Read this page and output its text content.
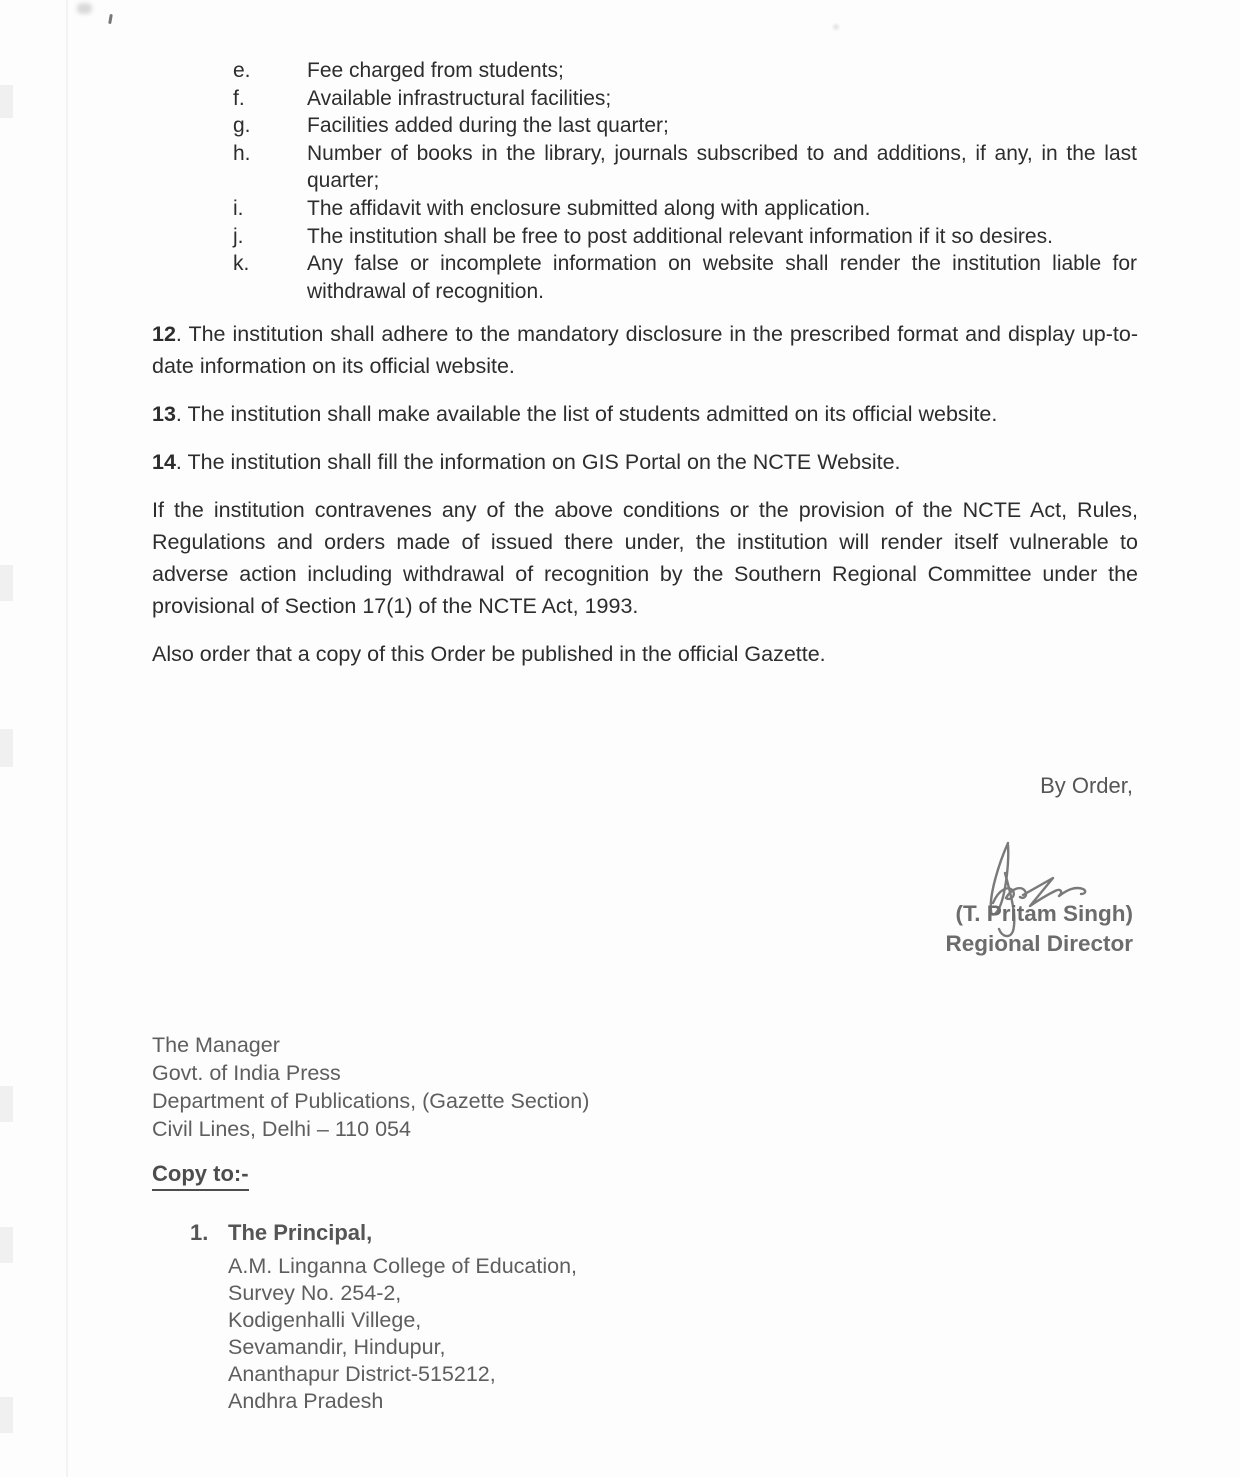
e.	Fee charged from students;
f.	Available infrastructural facilities;
g.	Facilities added during the last quarter;
h.	Number of books in the library, journals subscribed to and additions, if any, in the last quarter;
i.	The affidavit with enclosure submitted along with application.
j.	The institution shall be free to post additional relevant information if it so desires.
k.	Any false or incomplete information on website shall render the institution liable for withdrawal of recognition.

12. The institution shall adhere to the mandatory disclosure in the prescribed format and display up-to-date information on its official website.

13. The institution shall make available the list of students admitted on its official website.

14. The institution shall fill the information on GIS Portal on the NCTE Website.

If the institution contravenes any of the above conditions or the provision of the NCTE Act, Rules, Regulations and orders made of issued there under, the institution will render itself vulnerable to adverse action including withdrawal of recognition by the Southern Regional Committee under the provisional of Section 17(1) of the NCTE Act, 1993.

Also order that a copy of this Order be published in the official Gazette.

By Order,
(T. Pritam Singh)
Regional Director
The Manager
Govt. of India Press
Department of Publications, (Gazette Section)
Civil Lines, Delhi – 110 054
Copy to:-
1. The Principal,
A.M. Linganna College of Education,
Survey No. 254-2,
Kodigenhalli Villege,
Sevamandir, Hindupur,
Ananthapur District-515212,
Andhra Pradesh
